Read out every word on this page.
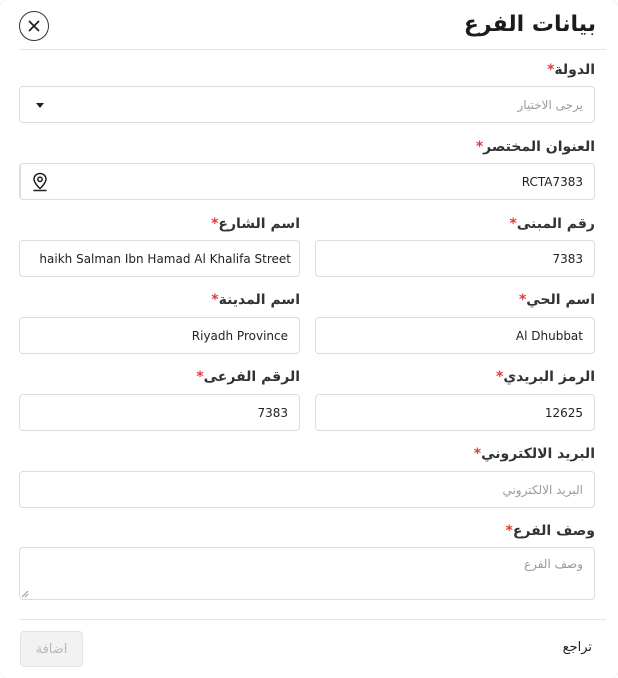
بيانات الفرع
الدولة*
يرجى الاختيار
العنوان المختصر*
RCTA7383
رقم المبنى*
اسم الشارع*
7383
haikh Salman Ibn Hamad Al Khalifa Street
اسم الحي*
اسم المدينة*
Al Dhubbat
Riyadh Province
الرمز البريدي*
الرقم الفرعى*
12625
7383
البريد الالكتروني*
البريد الالكتروني
وصف الفرع*
وصف الفرع
تراجع
اضافة
